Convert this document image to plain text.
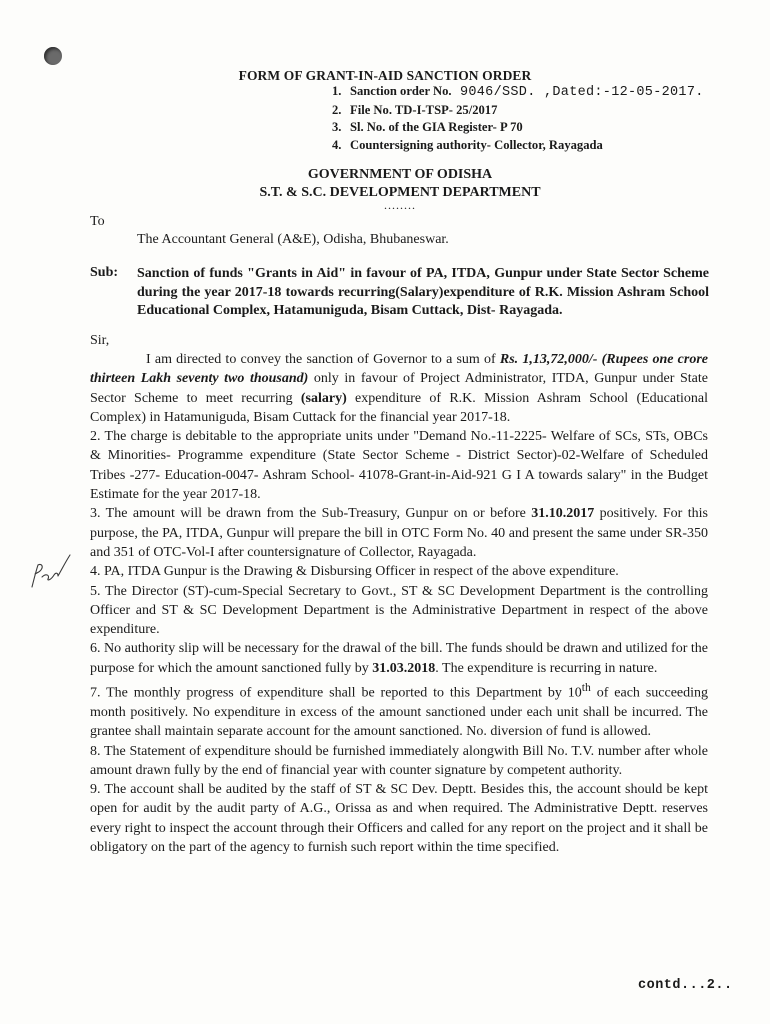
FORM OF GRANT-IN-AID SANCTION ORDER
1. Sanction order No. 9046/SSD. ,Dated:-12-05-2017.
2. File No. TD-I-TSP- 25/2017
3. Sl. No. of the GIA Register- P 70
4. Countersigning authority- Collector, Rayagada
GOVERNMENT OF ODISHA
S.T. & S.C. DEVELOPMENT DEPARTMENT
........
To
The Accountant General (A&E), Odisha, Bhubaneswar.
Sub: Sanction of funds "Grants in Aid" in favour of PA, ITDA, Gunpur under State Sector Scheme during the year 2017-18 towards recurring(Salary)expenditure of R.K. Mission Ashram School Educational Complex, Hatamuniguda, Bisam Cuttack, Dist- Rayagada.
Sir,

I am directed to convey the sanction of Governor to a sum of Rs. 1,13,72,000/- (Rupees one crore thirteen Lakh seventy two thousand) only in favour of Project Administrator, ITDA, Gunpur under State Sector Scheme to meet recurring (salary) expenditure of R.K. Mission Ashram School (Educational Complex) in Hatamuniguda, Bisam Cuttack for the financial year 2017-18.

2. The charge is debitable to the appropriate units under "Demand No.-11-2225- Welfare of SCs, STs, OBCs & Minorities- Programme expenditure (State Sector Scheme - District Sector)-02-Welfare of Scheduled Tribes -277- Education-0047- Ashram School- 41078-Grant-in-Aid-921 G I A towards salary" in the Budget Estimate for the year 2017-18.

3. The amount will be drawn from the Sub-Treasury, Gunpur on or before 31.10.2017 positively. For this purpose, the PA, ITDA, Gunpur will prepare the bill in OTC Form No. 40 and present the same under SR-350 and 351 of OTC-Vol-I after countersignature of Collector, Rayagada.

4. PA, ITDA Gunpur is the Drawing & Disbursing Officer in respect of the above expenditure.

5. The Director (ST)-cum-Special Secretary to Govt., ST & SC Development Department is the controlling Officer and ST & SC Development Department is the Administrative Department in respect of the above expenditure.

6. No authority slip will be necessary for the drawal of the bill. The funds should be drawn and utilized for the purpose for which the amount sanctioned fully by 31.03.2018. The expenditure is recurring in nature.

7. The monthly progress of expenditure shall be reported to this Department by 10th of each succeeding month positively. No expenditure in excess of the amount sanctioned under each unit shall be incurred. The grantee shall maintain separate account for the amount sanctioned. No. diversion of fund is allowed.

8. The Statement of expenditure should be furnished immediately alongwith Bill No. T.V. number after whole amount drawn fully by the end of financial year with counter signature by competent authority.

9. The account shall be audited by the staff of ST & SC Dev. Deptt. Besides this, the account should be kept open for audit by the audit party of A.G., Orissa as and when required. The Administrative Deptt. reserves every right to inspect the account through their Officers and called for any report on the project and it shall be obligatory on the part of the agency to furnish such report within the time specified.

contd...2..
